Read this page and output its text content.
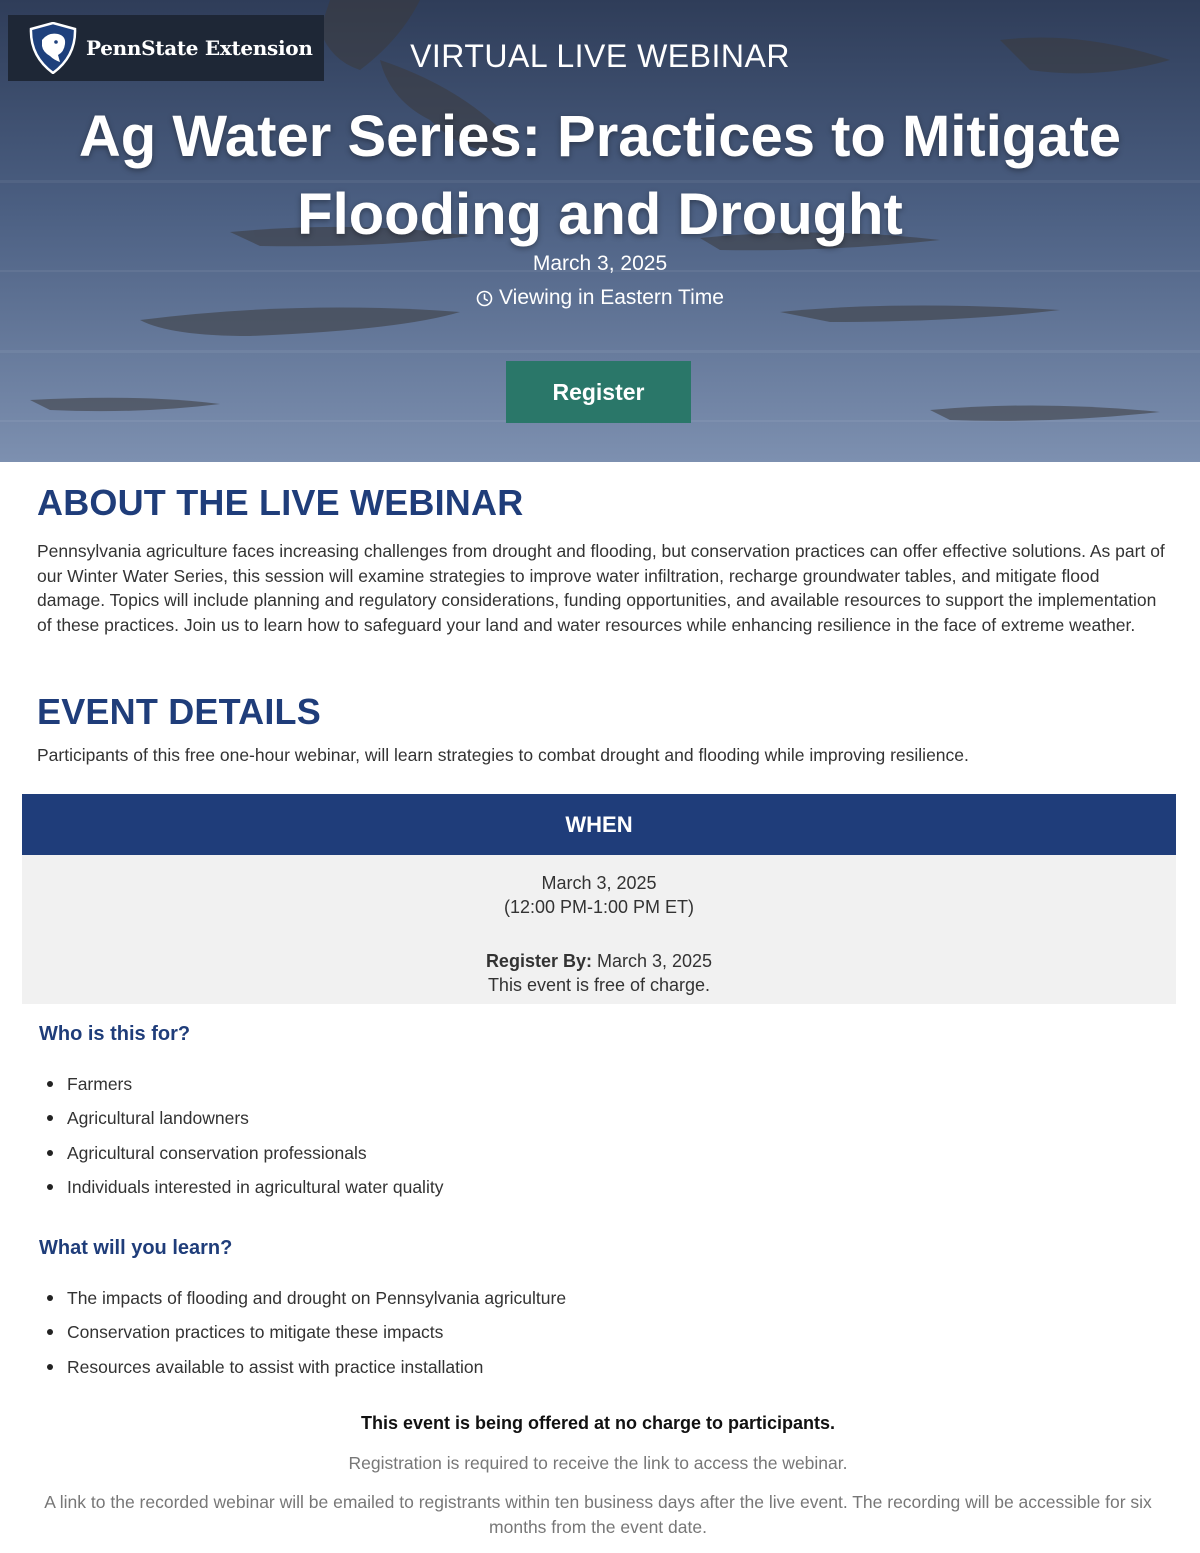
PennState Extension	VIRTUAL LIVE WEBINAR
Ag Water Series: Practices to Mitigate Flooding and Drought
March 3, 2025
Viewing in Eastern Time
Register
ABOUT THE LIVE WEBINAR

Pennsylvania agriculture faces increasing challenges from drought and flooding, but conservation practices can offer effective solutions. As part of our Winter Water Series, this session will examine strategies to improve water infiltration, recharge groundwater tables, and mitigate flood damage. Topics will include planning and regulatory considerations, funding opportunities, and available resources to support the implementation of these practices. Join us to learn how to safeguard your land and water resources while enhancing resilience in the face of extreme weather.

EVENT DETAILS

Participants of this free one-hour webinar, will learn strategies to combat drought and flooding while improving resilience.

WHEN
March 3, 2025
(12:00 PM-1:00 PM ET)
Register By: March 3, 2025
This event is free of charge.
Who is this for?
Farmers
Agricultural landowners
Agricultural conservation professionals
Individuals interested in agricultural water quality
What will you learn?
The impacts of flooding and drought on Pennsylvania agriculture
Conservation practices to mitigate these impacts
Resources available to assist with practice installation
This event is being offered at no charge to participants.
Registration is required to receive the link to access the webinar.
A link to the recorded webinar will be emailed to registrants within ten business days after the live event. The recording will be accessible for six months from the event date.
